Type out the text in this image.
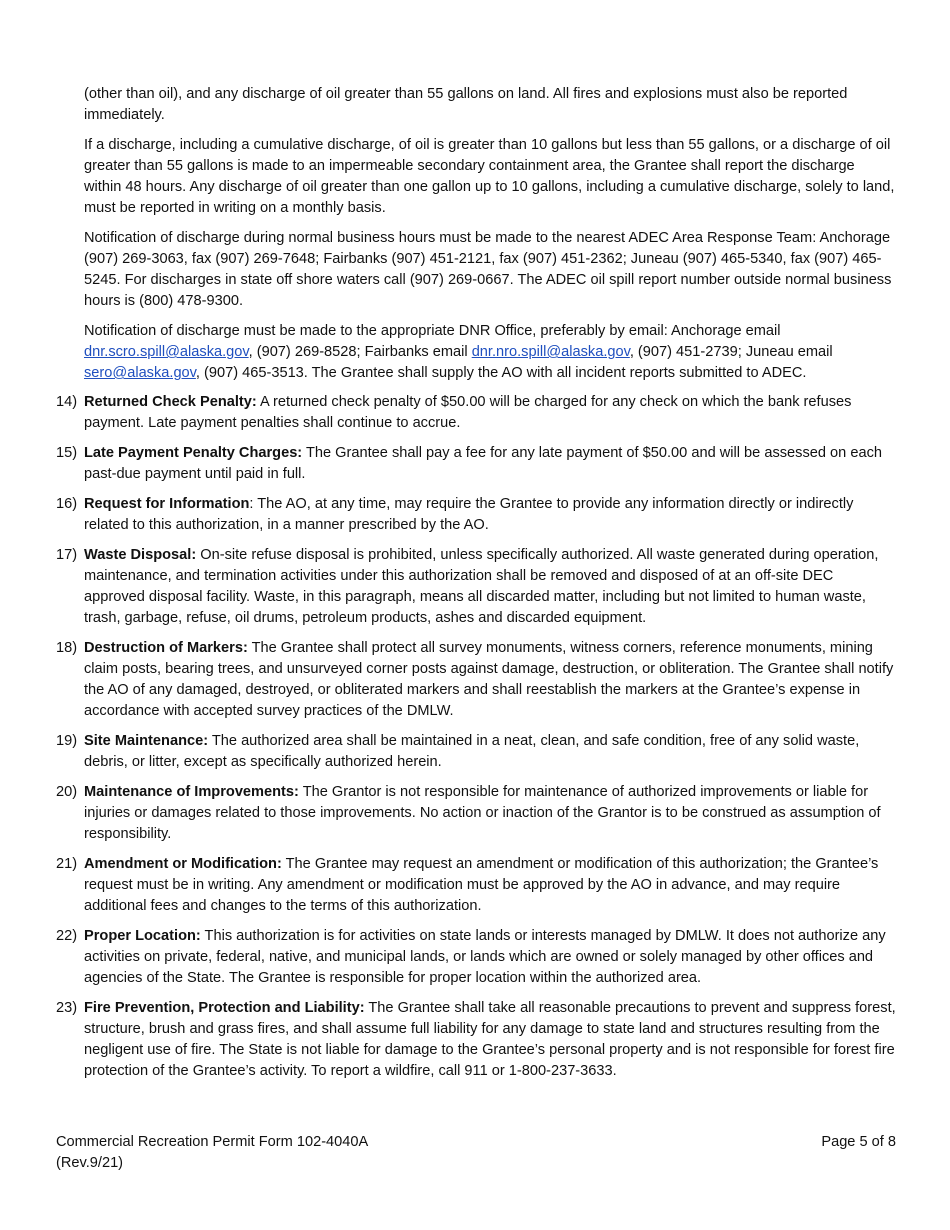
(other than oil), and any discharge of oil greater than 55 gallons on land. All fires and explosions must also be reported immediately.

If a discharge, including a cumulative discharge, of oil is greater than 10 gallons but less than 55 gallons, or a discharge of oil greater than 55 gallons is made to an impermeable secondary containment area, the Grantee shall report the discharge within 48 hours. Any discharge of oil greater than one gallon up to 10 gallons, including a cumulative discharge, solely to land, must be reported in writing on a monthly basis.

Notification of discharge during normal business hours must be made to the nearest ADEC Area Response Team: Anchorage (907) 269-3063, fax (907) 269-7648; Fairbanks (907) 451-2121, fax (907) 451-2362; Juneau (907) 465-5340, fax (907) 465-5245. For discharges in state off shore waters call (907) 269-0667. The ADEC oil spill report number outside normal business hours is (800) 478-9300.

Notification of discharge must be made to the appropriate DNR Office, preferably by email: Anchorage email dnr.scro.spill@alaska.gov, (907) 269-8528; Fairbanks email dnr.nro.spill@alaska.gov, (907) 451-2739; Juneau email sero@alaska.gov, (907) 465-3513. The Grantee shall supply the AO with all incident reports submitted to ADEC.

14) Returned Check Penalty: A returned check penalty of $50.00 will be charged for any check on which the bank refuses payment. Late payment penalties shall continue to accrue.
15) Late Payment Penalty Charges: The Grantee shall pay a fee for any late payment of $50.00 and will be assessed on each past-due payment until paid in full.
16) Request for Information: The AO, at any time, may require the Grantee to provide any information directly or indirectly related to this authorization, in a manner prescribed by the AO.
17) Waste Disposal: On-site refuse disposal is prohibited, unless specifically authorized. All waste generated during operation, maintenance, and termination activities under this authorization shall be removed and disposed of at an off-site DEC approved disposal facility. Waste, in this paragraph, means all discarded matter, including but not limited to human waste, trash, garbage, refuse, oil drums, petroleum products, ashes and discarded equipment.
18) Destruction of Markers: The Grantee shall protect all survey monuments, witness corners, reference monuments, mining claim posts, bearing trees, and unsurveyed corner posts against damage, destruction, or obliteration. The Grantee shall notify the AO of any damaged, destroyed, or obliterated markers and shall reestablish the markers at the Grantee’s expense in accordance with accepted survey practices of the DMLW.
19) Site Maintenance: The authorized area shall be maintained in a neat, clean, and safe condition, free of any solid waste, debris, or litter, except as specifically authorized herein.
20) Maintenance of Improvements: The Grantor is not responsible for maintenance of authorized improvements or liable for injuries or damages related to those improvements. No action or inaction of the Grantor is to be construed as assumption of responsibility.
21) Amendment or Modification: The Grantee may request an amendment or modification of this authorization; the Grantee’s request must be in writing. Any amendment or modification must be approved by the AO in advance, and may require additional fees and changes to the terms of this authorization.
22) Proper Location: This authorization is for activities on state lands or interests managed by DMLW. It does not authorize any activities on private, federal, native, and municipal lands, or lands which are owned or solely managed by other offices and agencies of the State. The Grantee is responsible for proper location within the authorized area.
23) Fire Prevention, Protection and Liability: The Grantee shall take all reasonable precautions to prevent and suppress forest, structure, brush and grass fires, and shall assume full liability for any damage to state land and structures resulting from the negligent use of fire. The State is not liable for damage to the Grantee’s personal property and is not responsible for forest fire protection of the Grantee’s activity. To report a wildfire, call 911 or 1-800-237-3633.
Commercial Recreation Permit Form 102-4040A
(Rev.9/21)
Page 5 of 8
